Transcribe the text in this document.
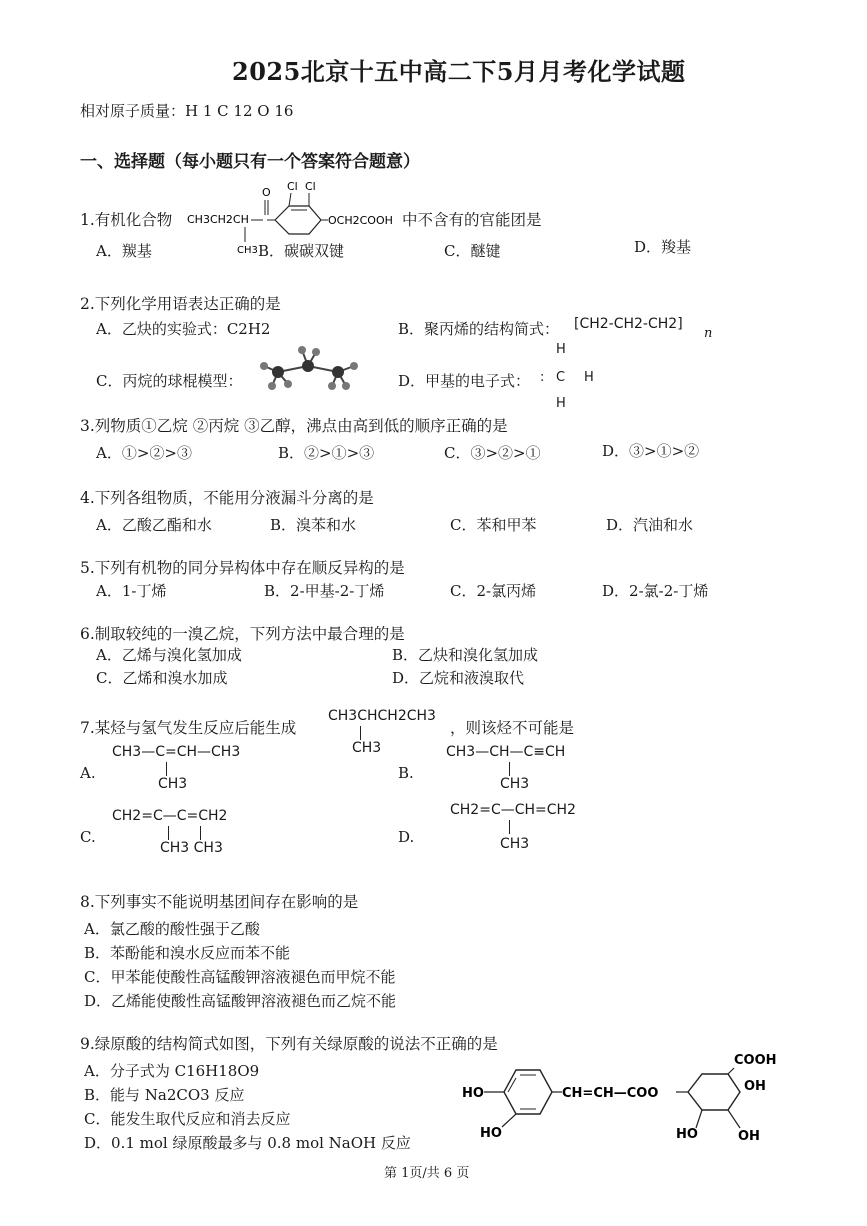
2025北京十五中高二下5月月考化学试题
相对原子质量：H 1 C 12 O 16
一、选择题（每小题只有一个答案符合题意）
1.有机化合物 CH3CH2CH
CH3
O Cl Cl
OCH2COOH 中不含有的官能团是
A．羰基	B．碳碳双键	C．醚键	D．羧基
2.下列化学用语表达正确的是
A．乙炔的实验式：C2H2	B．聚丙烯的结构简式： [CH2-CH2-CH2]
n
C．丙烷的球棍模型：	D．甲基的电子式：
H
: C H
H
3.列物质①乙烷 ②丙烷 ③乙醇，沸点由高到低的顺序正确的是
A．①>②>③	B．②>①>③	C．③>②>①	D．③>①>②
4.下列各组物质，不能用分液漏斗分离的是
A．乙酸乙酯和水	B．溴苯和水	C．苯和甲苯	D．汽油和水
5.下列有机物的同分异构体中存在顺反异构的是
A．1-丁烯	B．2-甲基-2-丁烯	C．2-氯丙烯	D．2-氯-2-丁烯
6.制取较纯的一溴乙烷，下列方法中最合理的是
A．乙烯与溴化氢加成	B．乙炔和溴化氢加成
C．乙烯和溴水加成	D．乙烷和液溴取代
7.某烃与氢气发生反应后能生成
CH3CHCH2CH3
CH3
，则该烃不可能是
A.
CH3—C=CH—CH3
CH3
B.
CH3—CH—C≡CH
CH3
C.
CH2=C—C=CH2
CH3 CH3
D.
CH2=C—CH=CH2
CH3
8.下列事实不能说明基团间存在影响的是
A．氯乙酸的酸性强于乙酸
B．苯酚能和溴水反应而苯不能
C．甲苯能使酸性高锰酸钾溶液褪色而甲烷不能
D．乙烯能使酸性高锰酸钾溶液褪色而乙烷不能
9.绿原酸的结构简式如图，下列有关绿原酸的说法不正确的是
A．分子式为 C16H18O9
B．能与 Na2CO3 反应
C．能发生取代反应和消去反应
D．0.1 mol 绿原酸最多与 0.8 mol NaOH 反应
HO
HO
CH=CH—COO
COOH
OH
HO	OH
第 1页/共 6 页
